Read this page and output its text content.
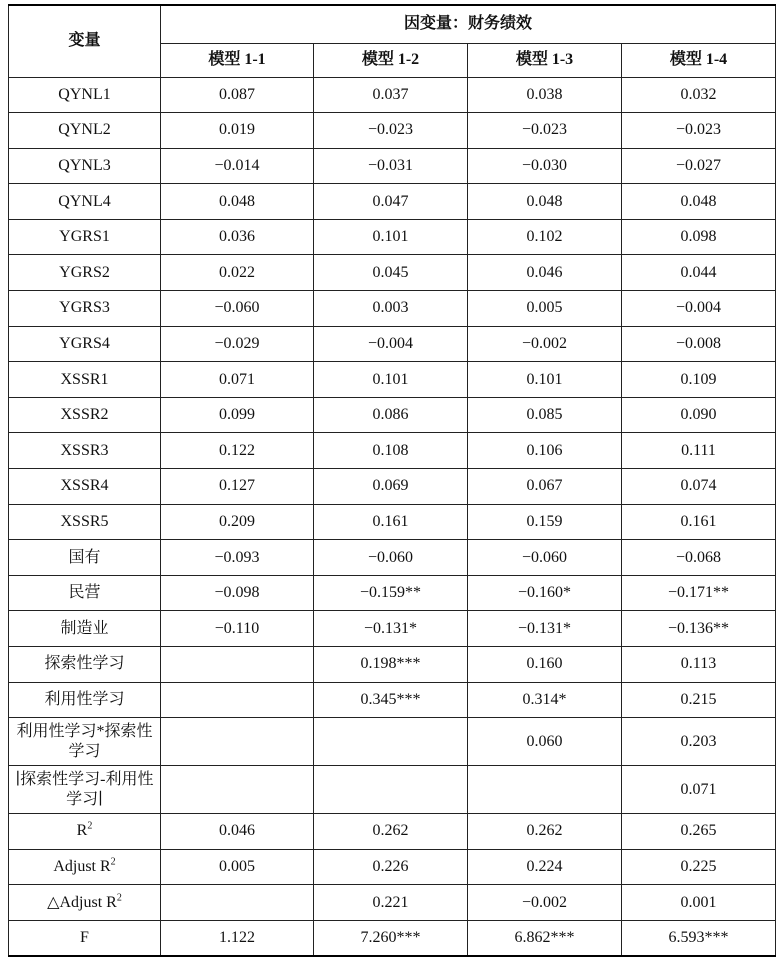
变量	因变量：财务绩效			
	模型 1-1	模型 1-2	模型 1-3	模型 1-4
QYNL1	0.087	0.037	0.038	0.032
QYNL2	0.019	−0.023	−0.023	−0.023
QYNL3	−0.014	−0.031	−0.030	−0.027
QYNL4	0.048	0.047	0.048	0.048
YGRS1	0.036	0.101	0.102	0.098
YGRS2	0.022	0.045	0.046	0.044
YGRS3	−0.060	0.003	0.005	−0.004
YGRS4	−0.029	−0.004	−0.002	−0.008
XSSR1	0.071	0.101	0.101	0.109
XSSR2	0.099	0.086	0.085	0.090
XSSR3	0.122	0.108	0.106	0.111
XSSR4	0.127	0.069	0.067	0.074
XSSR5	0.209	0.161	0.159	0.161
国有	−0.093	−0.060	−0.060	−0.068
民营	−0.098	−0.159**	−0.160*	−0.171**
制造业	−0.110	−0.131*	−0.131*	−0.136**
探索性学习		0.198***	0.160	0.113
利用性学习		0.345***	0.314*	0.215
利用性学习*探索性学习			0.060	0.203
∣探索性学习-利用性学习∣				0.071
$R^2$	0.046	0.262	0.262	0.265
Adjust $R^2$	0.005	0.226	0.224	0.225
△Adjust $R^2$		0.221	−0.002	0.001
F	1.122	7.260***	6.862***	6.593***
